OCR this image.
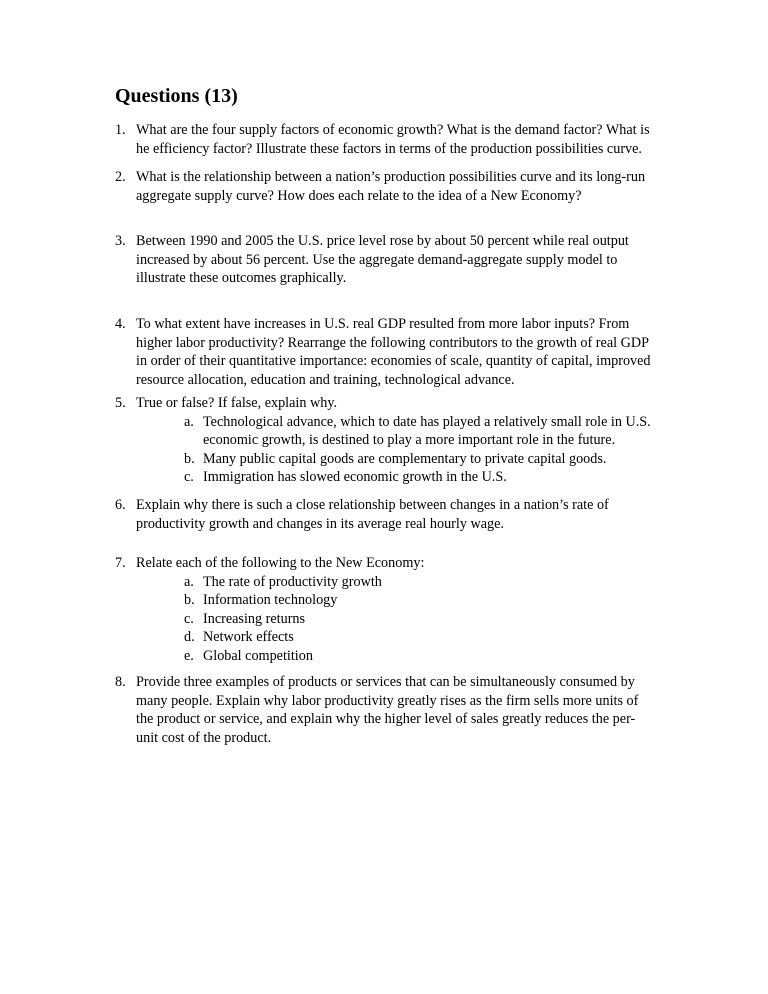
Questions (13)
1. What are the four supply factors of economic growth? What is the demand factor? What is he efficiency factor? Illustrate these factors in terms of the production possibilities curve.
2. What is the relationship between a nation’s production possibilities curve and its long-run aggregate supply curve? How does each relate to the idea of a New Economy?
3. Between 1990 and 2005 the U.S. price level rose by about 50 percent while real output increased by about 56 percent. Use the aggregate demand-aggregate supply model to illustrate these outcomes graphically.
4. To what extent have increases in U.S. real GDP resulted from more labor inputs? From higher labor productivity? Rearrange the following contributors to the growth of real GDP in order of their quantitative importance: economies of scale, quantity of capital, improved resource allocation, education and training, technological advance.
5. True or false? If false, explain why.
a. Technological advance, which to date has played a relatively small role in U.S. economic growth, is destined to play a more important role in the future.
b. Many public capital goods are complementary to private capital goods.
c. Immigration has slowed economic growth in the U.S.
6. Explain why there is such a close relationship between changes in a nation’s rate of productivity growth and changes in its average real hourly wage.
7. Relate each of the following to the New Economy:
a. The rate of productivity growth
b. Information technology
c. Increasing returns
d. Network effects
e. Global competition
8. Provide three examples of products or services that can be simultaneously consumed by many people. Explain why labor productivity greatly rises as the firm sells more units of the product or service, and explain why the higher level of sales greatly reduces the per-unit cost of the product.
